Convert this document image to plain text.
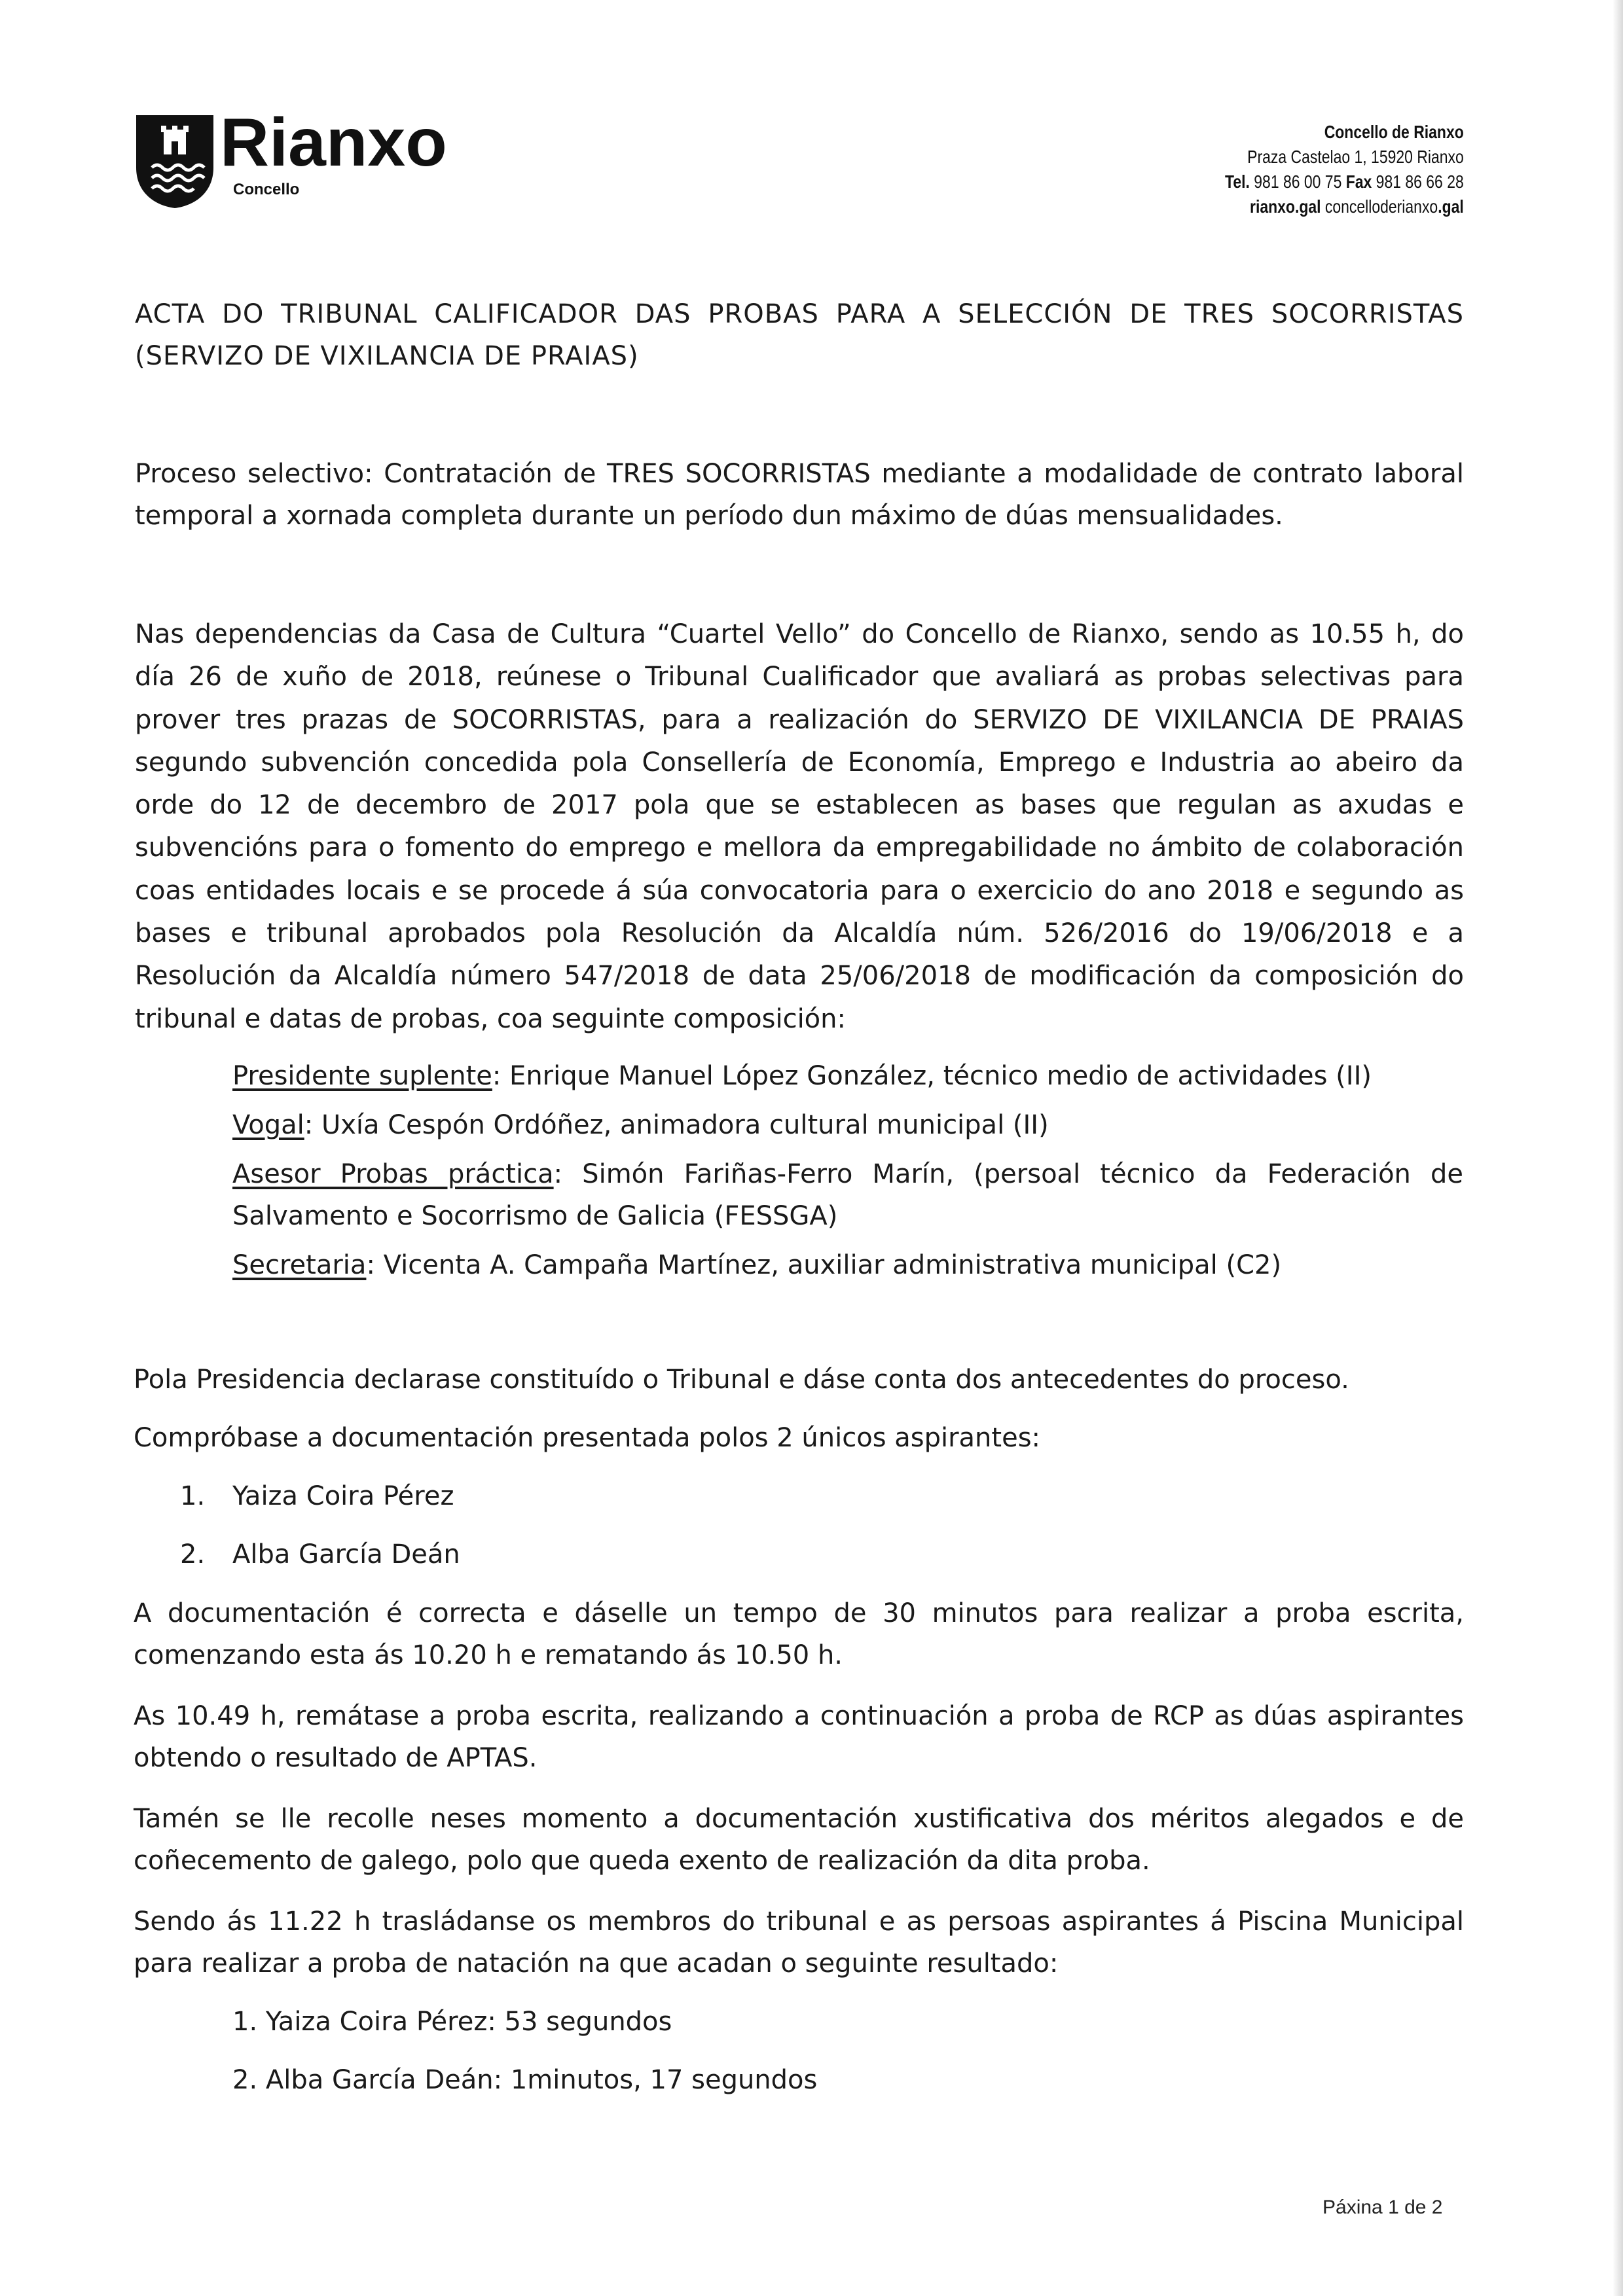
Rianxo
Concello
Concello de Rianxo
Praza Castelao 1, 15920 Rianxo
Tel. 981 86 00 75 Fax 981 86 66 28
rianxo.gal concelloderianxo.gal

ACTA DO TRIBUNAL CALIFICADOR DAS PROBAS PARA A SELECCIÓN DE TRES SOCORRISTAS (SERVIZO DE VIXILANCIA DE PRAIAS)

Proceso selectivo: Contratación de TRES SOCORRISTAS mediante a modalidade de contrato laboral temporal a xornada completa durante un período dun máximo de dúas mensualidades.

Nas dependencias da Casa de Cultura “Cuartel Vello” do Concello de Rianxo, sendo as 10.55 h, do día 26 de xuño de 2018, reúnese o Tribunal Cualificador que avaliará as probas selectivas para prover tres prazas de SOCORRISTAS, para a realización do SERVIZO DE VIXILANCIA DE PRAIAS segundo subvención concedida pola Consellería de Economía, Emprego e Industria ao abeiro da orde do 12 de decembro de 2017 pola que se establecen as bases que regulan as axudas e subvencións para o fomento do emprego e mellora da empregabilidade no ámbito de colaboración coas entidades locais e se procede á súa convocatoria para o exercicio do ano 2018 e segundo as bases e tribunal aprobados pola Resolución da Alcaldía núm. 526/2016 do 19/06/2018 e a Resolución da Alcaldía número 547/2018 de data 25/06/2018 de modificación da composición do tribunal e datas de probas, coa seguinte composición:

Presidente suplente: Enrique Manuel López González, técnico medio de actividades (II)

Vogal: Uxía Cespón Ordóñez, animadora cultural municipal (II)

Asesor Probas práctica: Simón Fariñas-Ferro Marín, (persoal técnico da Federación de Salvamento e Socorrismo de Galicia (FESSGA)

Secretaria: Vicenta A. Campaña Martínez, auxiliar administrativa municipal (C2)

Pola Presidencia declarase constituído o Tribunal e dáse conta dos antecedentes do proceso.

Compróbase a documentación presentada polos 2 únicos aspirantes:

1. Yaiza Coira Pérez
2. Alba García Deán

A documentación é correcta e dáselle un tempo de 30 minutos para realizar a proba escrita, comenzando esta ás 10.20 h e rematando ás 10.50 h.

As 10.49 h, remátase a proba escrita, realizando a continuación a proba de RCP as dúas aspirantes obtendo o resultado de APTAS.

Tamén se lle recolle neses momento a documentación xustificativa dos méritos alegados e de coñecemento de galego, polo que queda exento de realización da dita proba.

Sendo ás 11.22 h trasládanse os membros do tribunal e as persoas aspirantes á Piscina Municipal para realizar a proba de natación na que acadan o seguinte resultado:

1. Yaiza Coira Pérez: 53 segundos
2. Alba García Deán: 1minutos, 17 segundos
Páxina 1 de 2
